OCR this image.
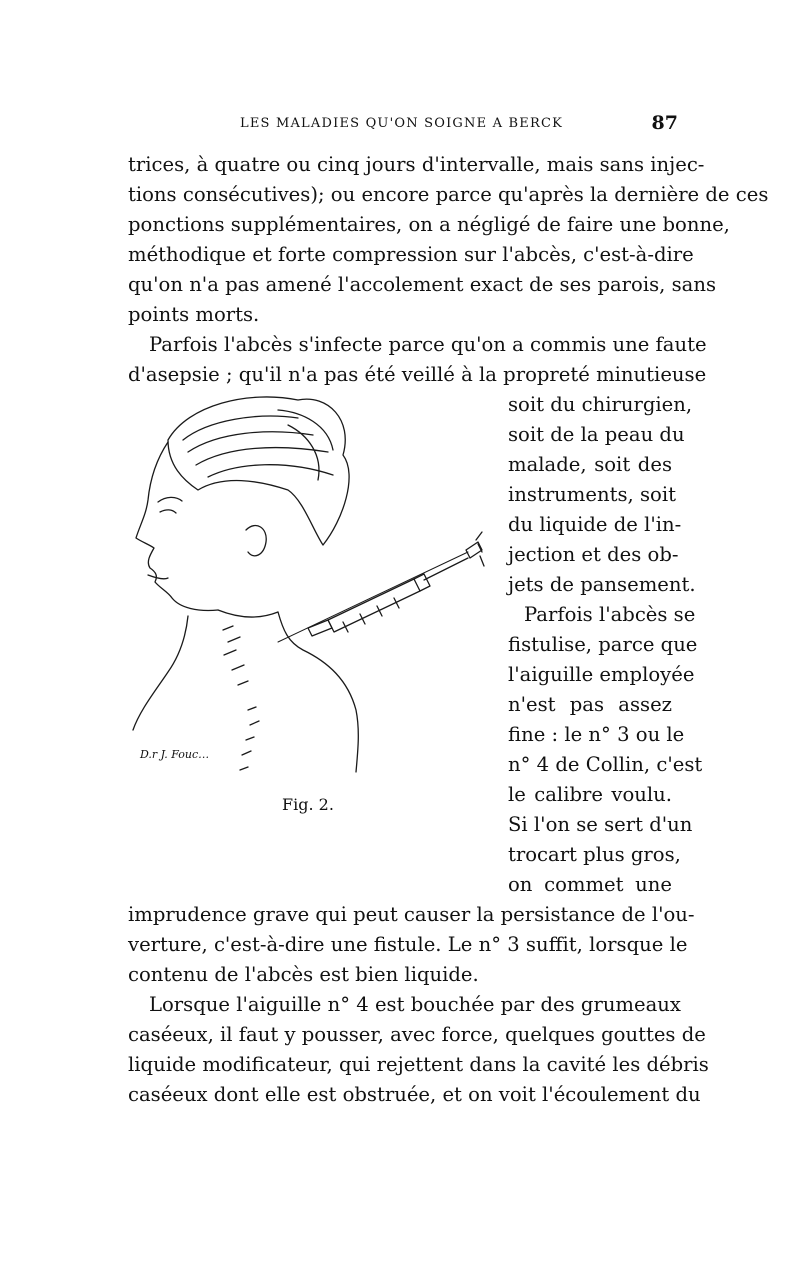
LES MALADIES QU'ON SOIGNE A BERCK	87
trices, à quatre ou cinq jours d'intervalle, mais sans injec-
tions consécutives); ou encore parce qu'après la dernière de ces
ponctions supplémentaires, on a négligé de faire une bonne,
méthodique et forte compression sur l'abcès, c'est-à-dire
qu'on n'a pas amené l'accolement exact de ses parois, sans
points morts.
Parfois l'abcès s'infecte parce qu'on a commis une faute
d'asepsie ; qu'il n'a pas été veillé à la propreté minutieuse
D.r J. Fouc…
Fig. 2.
soit du chirurgien,
soit de la peau du
malade, soit des
instruments, soit
du liquide de l'in-
jection et des ob-
jets de pansement.
Parfois l'abcès se
fistulise, parce que
l'aiguille employée
n'est pas assez
fine : le n° 3 ou le
n° 4 de Collin, c'est
le calibre voulu.
Si l'on se sert d'un
trocart plus gros,
on commet une
imprudence grave qui peut causer la persistance de l'ou-
verture, c'est-à-dire une fistule. Le n° 3 suffit, lorsque le
contenu de l'abcès est bien liquide.
Lorsque l'aiguille n° 4 est bouchée par des grumeaux
caséeux, il faut y pousser, avec force, quelques gouttes de
liquide modificateur, qui rejettent dans la cavité les débris
caséeux dont elle est obstruée, et on voit l'écoulement du
